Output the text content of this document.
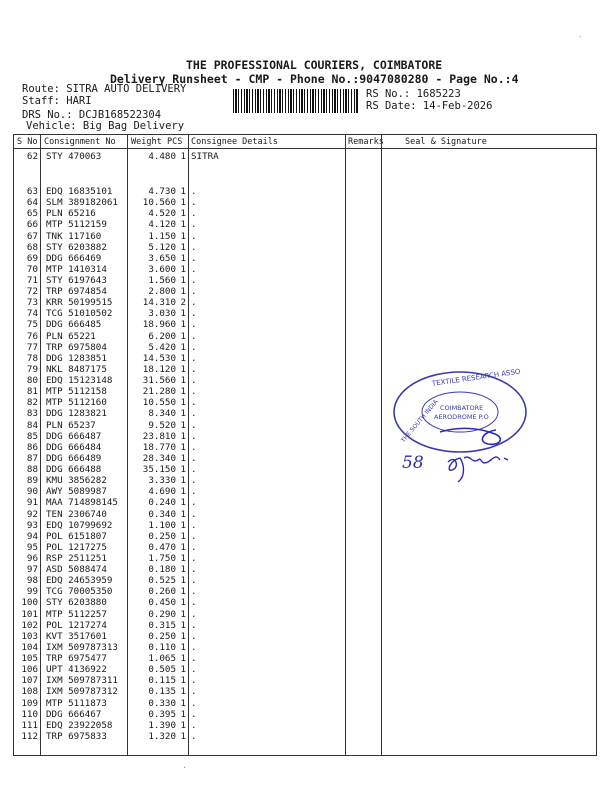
`
THE PROFESSIONAL COURIERS, COIMBATORE
Delivery Runsheet - CMP - Phone No.:9047080280 - Page No.:4
Route: SITRA AUTO DELIVERY
Staff: HARI
DRS No.: DCJB168522304
Vehicle: Big Bag Delivery
RS No.: 1685223
RS Date: 14-Feb-2026
S No Consignment No Weight PCS Consignee Details	Remarks Seal & Signature
62 STY 470063	4.480 1 SITRA
63 EDQ 16835101	4.730 1 .
64 SLM 389182061	10.560 1 .
65 PLN 65216	4.520 1 .
66 MTP 5112159	4.120 1 .
67 TNK 117160	1.150 1 .
68 STY 6203882	5.120 1 .
69 DDG 666469	3.650 1 .
70 MTP 1410314	3.600 1 .
71 STY 6197643	1.560 1 .
72 TRP 6974854	2.800 1 .
73 KRR 50199515	14.310 2 .
74 TCG 51010502	3.030 1 .
75 DDG 666485	18.960 1 .
76 PLN 65221	6.200 1 .
77 TRP 6975804	5.420 1 .
78 DDG 1283851	14.530 1 .
79 NKL 8487175	18.120 1 .
80 EDQ 15123148	31.560 1 .
81 MTP 5112158	21.280 1 .
82 MTP 5112160	10.550 1 .
83 DDG 1283821	8.340 1 .
84 PLN 65237	9.520 1 .
85 DDG 666487	23.810 1 .
86 DDG 666484	18.770 1 .
87 DDG 666489	28.340 1 .
88 DDG 666488	35.150 1 .
89 KMU 3856282	3.330 1 .
90 AWY 5089987	4.690 1 .
91 MAA 714898145	0.240 1 .
92 TEN 2306740	0.340 1 .
93 EDQ 10799692	1.100 1 .
94 POL 6151807	0.250 1 .
95 POL 1217275	0.470 1 .
96 RSP 2511251	1.750 1 .
97 ASD 5088474	0.180 1 .
98 EDQ 24653959	0.525 1 .
99 TCG 70005350	0.260 1 .
100 STY 6203880	0.450 1 .
101 MTP 5112257	0.290 1 .
102 POL 1217274	0.315 1 .
103 KVT 3517601	0.250 1 .
104 IXM 509787313	0.110 1 .
105 TRP 6975477	1.065 1 .
106 UPT 4136922	0.505 1 .
107 IXM 509787311	0.115 1 .
108 IXM 509787312	0.135 1 .
109 MTP 5111873	0.330 1 .
110 DDG 666467	0.395 1 .
111 EDQ 23922058	1.390 1 .
112 TRP 6975833	1.320 1 .
TEXTILE RESEARCH ASSO
COIMBATORE
AERODROME P.O
THE SOUTH INDIA
58
·
